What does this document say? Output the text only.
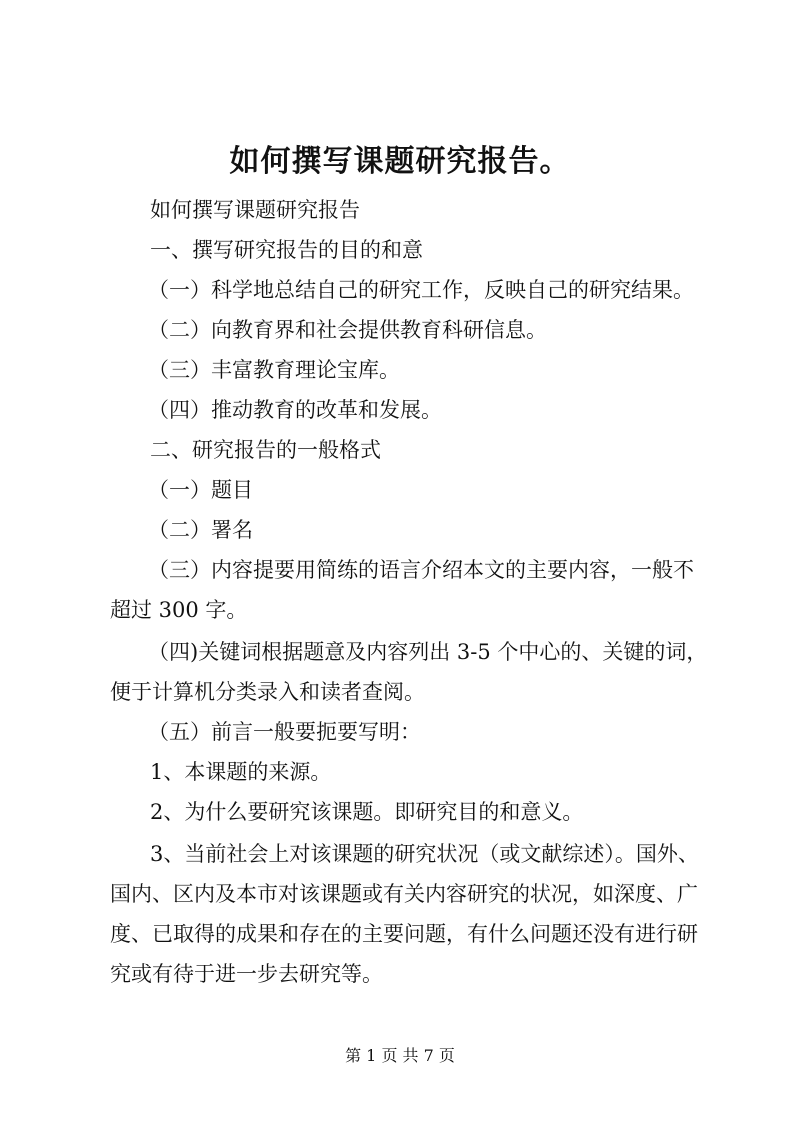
如何撰写课题研究报告。
如何撰写课题研究报告
一、撰写研究报告的目的和意
（一）科学地总结自己的研究工作，反映自己的研究结果。
（二）向教育界和社会提供教育科研信息。
（三）丰富教育理论宝库。
（四）推动教育的改革和发展。
二、研究报告的一般格式
（一）题目
（二）署名
（三）内容提要用简练的语言介绍本文的主要内容，一般不
超过 300 字。
（四)关键词根据题意及内容列出 3-5 个中心的、关键的词，
便于计算机分类录入和读者查阅。
（五）前言一般要扼要写明：
1、本课题的来源。
2、为什么要研究该课题。即研究目的和意义。
3、当前社会上对该课题的研究状况（或文献综述）。国外、
国内、区内及本市对该课题或有关内容研究的状况，如深度、广
度、已取得的成果和存在的主要问题，有什么问题还没有进行研
究或有待于进一步去研究等。
第 1 页 共 7 页
